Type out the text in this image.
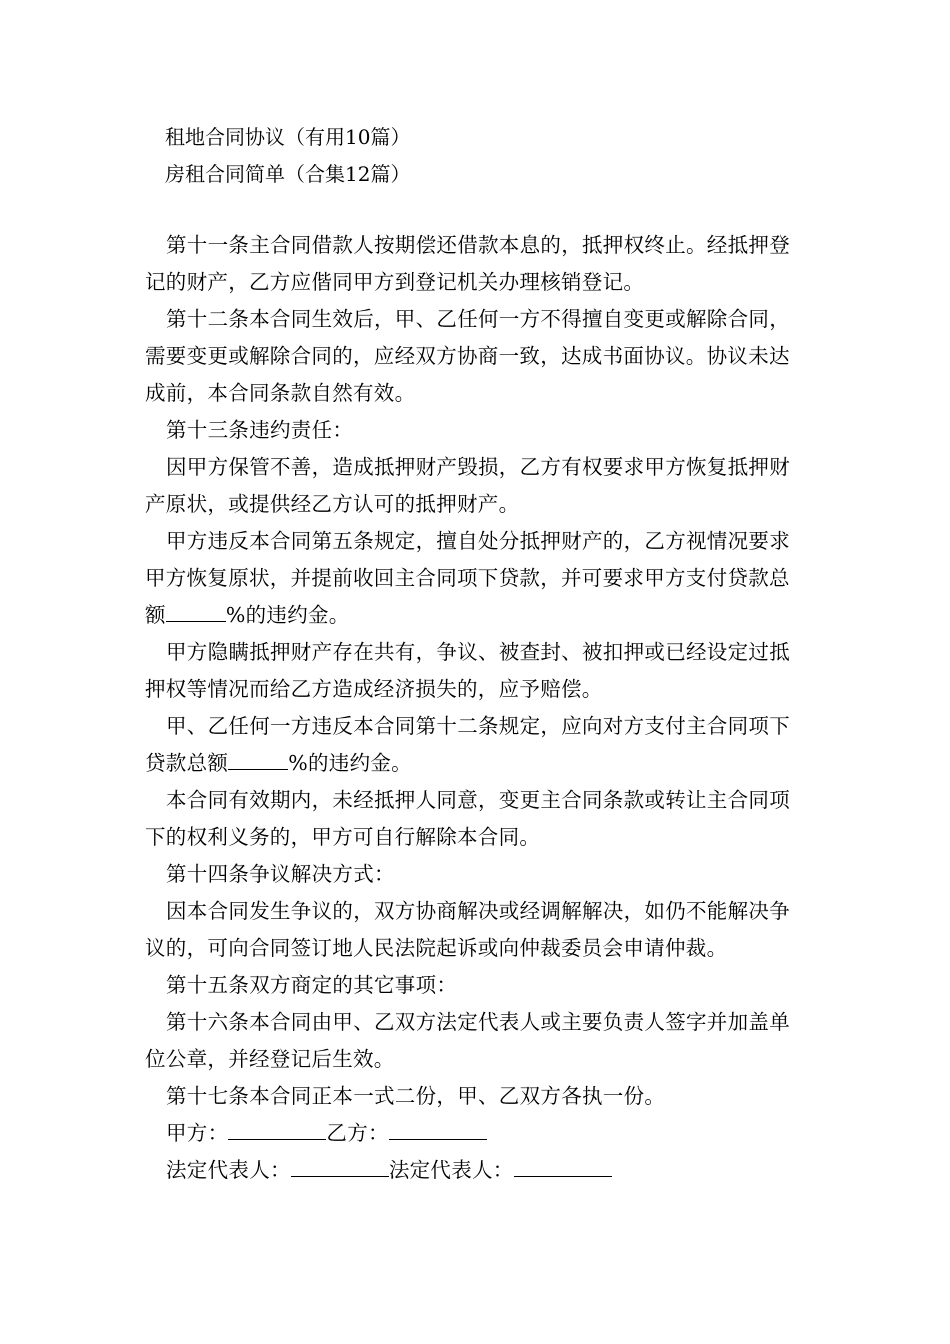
租地合同协议（有用10篇）
房租合同简单（合集12篇）

第十一条主合同借款人按期偿还借款本息的，抵押权终止。经抵押登记的财产，乙方应偕同甲方到登记机关办理核销登记。

第十二条本合同生效后，甲、乙任何一方不得擅自变更或解除合同，需要变更或解除合同的，应经双方协商一致，达成书面协议。协议未达成前，本合同条款自然有效。

第十三条违约责任：

因甲方保管不善，造成抵押财产毁损，乙方有权要求甲方恢复抵押财产原状，或提供经乙方认可的抵押财产。

甲方违反本合同第五条规定，擅自处分抵押财产的，乙方视情况要求甲方恢复原状，并提前收回主合同项下贷款，并可要求甲方支付贷款总额	%的违约金。

甲方隐瞒抵押财产存在共有，争议、被查封、被扣押或已经设定过抵押权等情况而给乙方造成经济损失的，应予赔偿。

甲、乙任何一方违反本合同第十二条规定，应向对方支付主合同项下贷款总额	%的违约金。

本合同有效期内，未经抵押人同意，变更主合同条款或转让主合同项下的权利义务的，甲方可自行解除本合同。

第十四条争议解决方式：

因本合同发生争议的，双方协商解决或经调解解决，如仍不能解决争议的，可向合同签订地人民法院起诉或向仲裁委员会申请仲裁。

第十五条双方商定的其它事项：

第十六条本合同由甲、乙双方法定代表人或主要负责人签字并加盖单位公章，并经登记后生效。

第十七条本合同正本一式二份，甲、乙双方各执一份。

甲方：	乙方：

法定代表人：	法定代表人：
